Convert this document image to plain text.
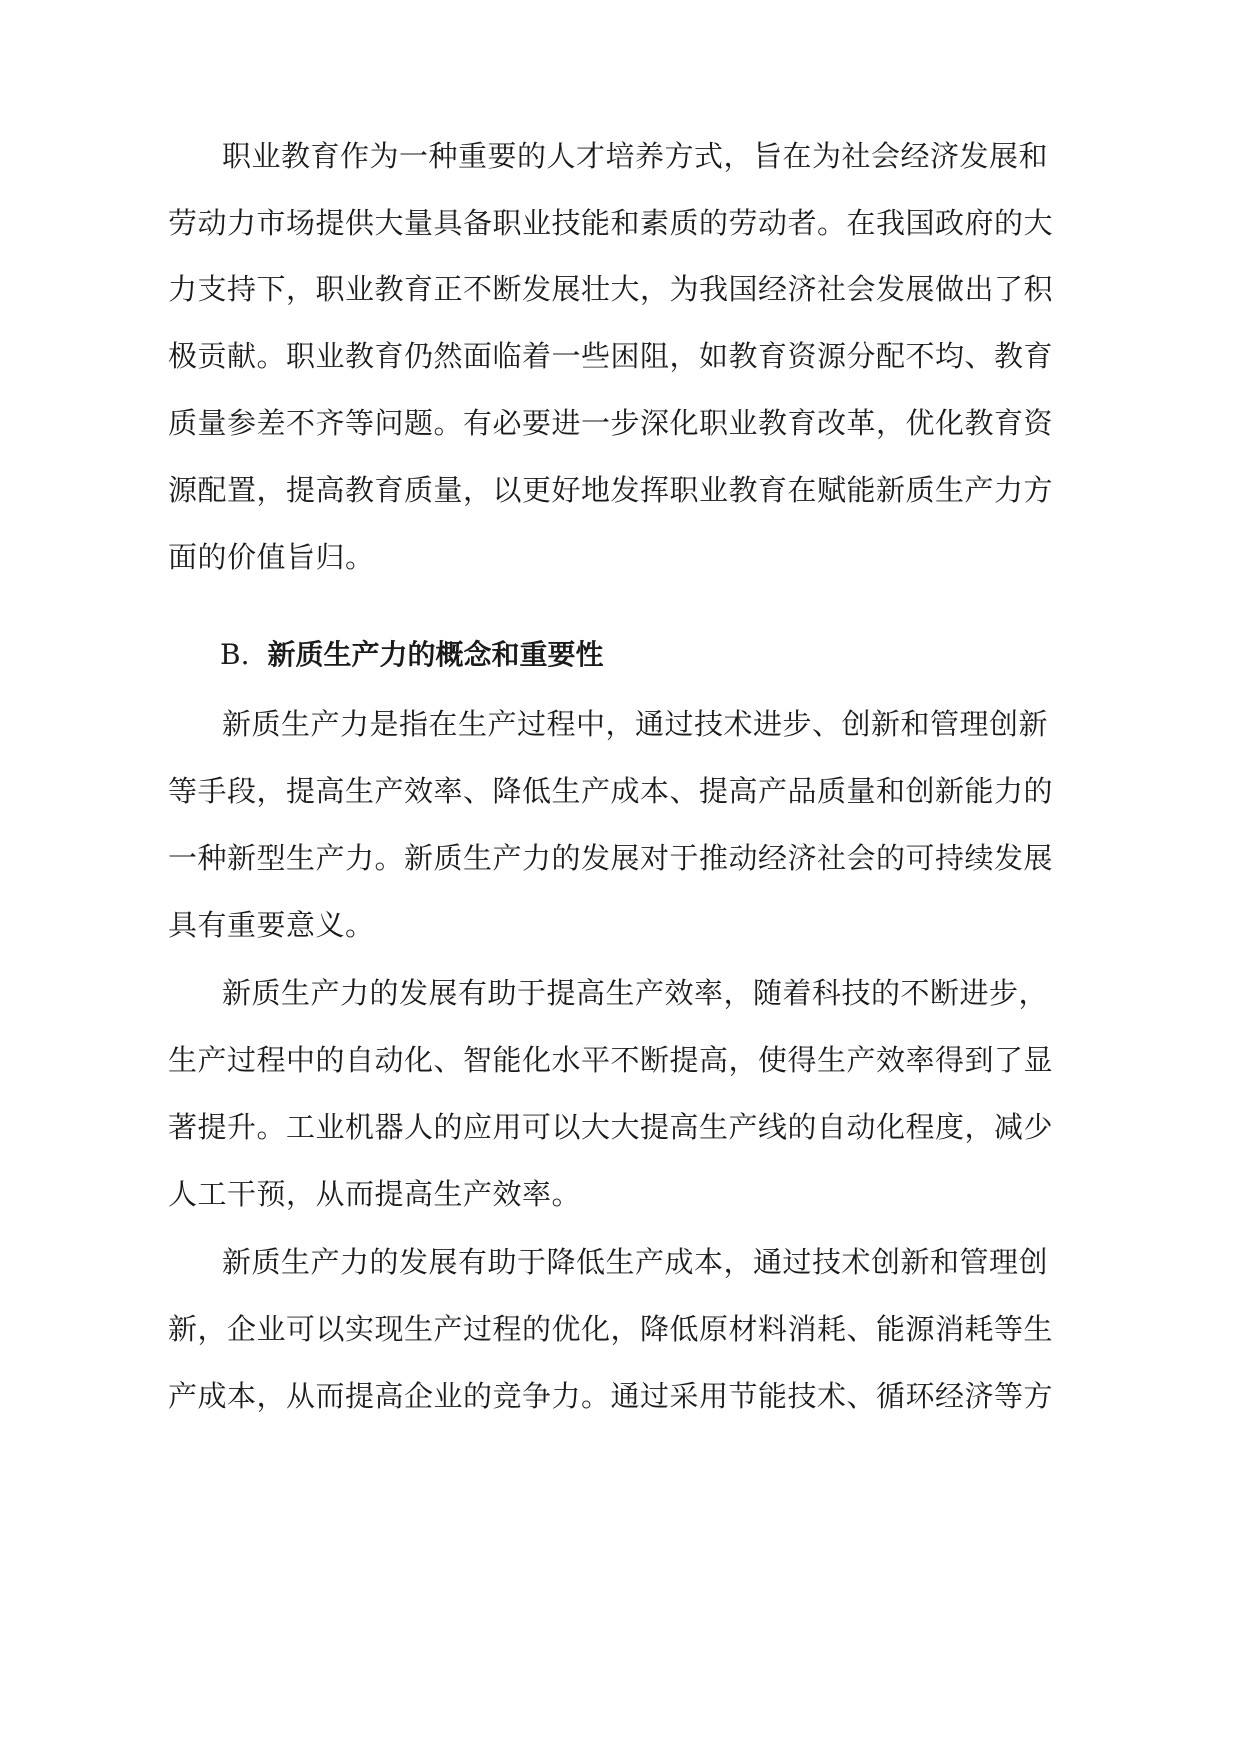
职业教育作为一种重要的人才培养方式，旨在为社会经济发展和
劳动力市场提供大量具备职业技能和素质的劳动者。在我国政府的大
力支持下，职业教育正不断发展壮大，为我国经济社会发展做出了积
极贡献。职业教育仍然面临着一些困阻，如教育资源分配不均、教育
质量参差不齐等问题。有必要进一步深化职业教育改革，优化教育资
源配置，提高教育质量，以更好地发挥职业教育在赋能新质生产力方
面的价值旨归。
B. 新质生产力的概念和重要性
新质生产力是指在生产过程中，通过技术进步、创新和管理创新
等手段，提高生产效率、降低生产成本、提高产品质量和创新能力的
一种新型生产力。新质生产力的发展对于推动经济社会的可持续发展
具有重要意义。
新质生产力的发展有助于提高生产效率，随着科技的不断进步，
生产过程中的自动化、智能化水平不断提高，使得生产效率得到了显
著提升。工业机器人的应用可以大大提高生产线的自动化程度，减少
人工干预，从而提高生产效率。
新质生产力的发展有助于降低生产成本，通过技术创新和管理创
新，企业可以实现生产过程的优化，降低原材料消耗、能源消耗等生
产成本，从而提高企业的竞争力。通过采用节能技术、循环经济等方
